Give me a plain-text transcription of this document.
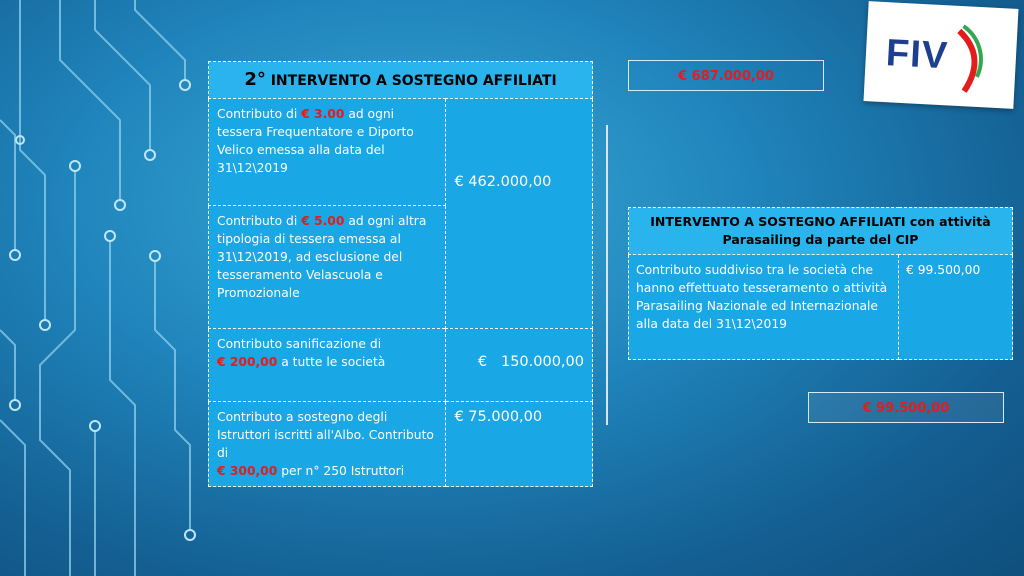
FIV
2° INTERVENTO A SOSTEGNO AFFILIATI	
Contributo di € 3.00 ad ogni tessera Frequentatore e Diporto Velico emessa alla data del 31\12\2019	€ 462.000,00

Contributo di € 5.00 ad ogni altra tipologia di tessera emessa al 31\12\2019, ad esclusione del tesseramento Velascuola e Promozionale	
Contributo sanificazione di
€ 200,00 a tutte le società	€   150.000,00

Contributo a sostegno degli Istruttori iscritti all'Albo. Contributo di
€ 300,00 per n° 250 Istruttori	€ 75.000,00
€ 687.000,00
INTERVENTO A SOSTEGNO AFFILIATI con attività Parasailing da parte del CIP
Contributo suddiviso tra le società che hanno effettuato tesseramento o attività Parasailing Nazionale ed Internazionale alla data del 31\12\2019	€ 99.500,00
€ 99.500,00
